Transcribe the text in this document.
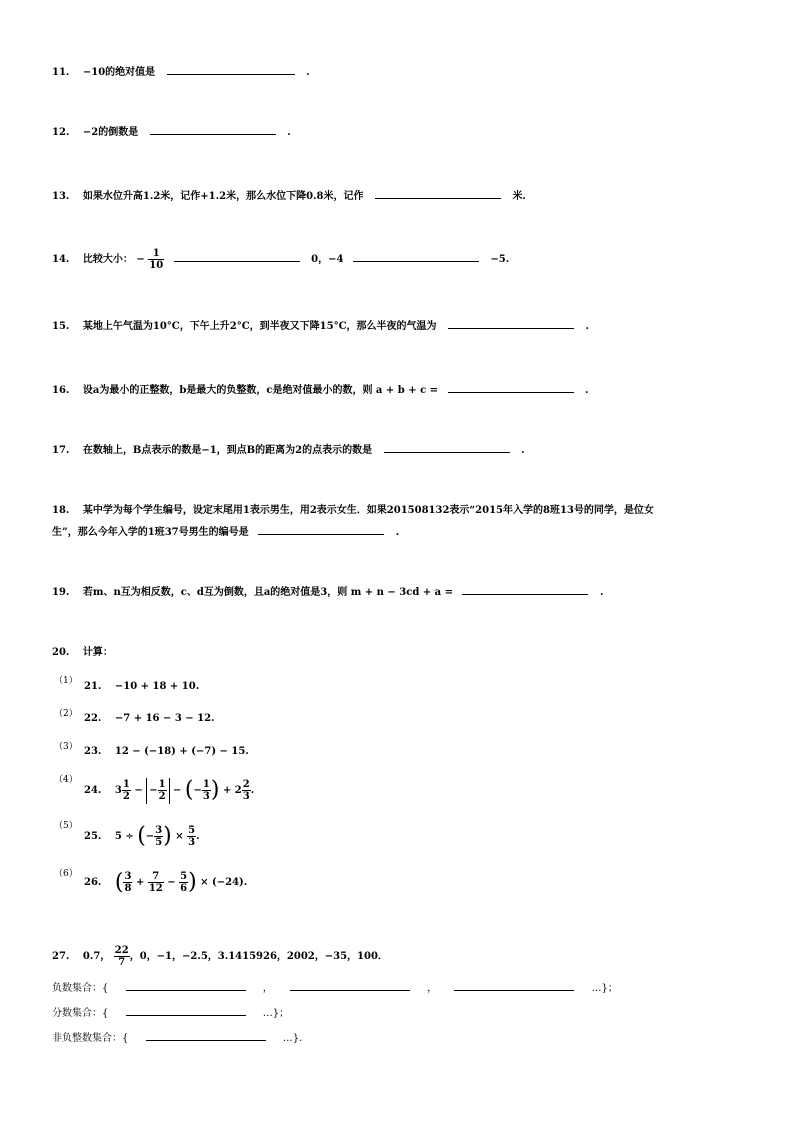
11. −10的绝对值是	.
12. −2的倒数是	.
13. 如果水位升高1.2米，记作+1.2米，那么水位下降0.8米，记作	米.
14. 比较大小： − $\frac{1}{10}$	0，−4	−5.
15. 某地上午气温为10°C，下午上升2°C，到半夜又下降15°C，那么半夜的气温为	.
16. 设a为最小的正整数，b是最大的负整数，c是绝对值最小的数，则 a + b + c =	.
17. 在数轴上，B点表示的数是−1，到点B的距离为2的点表示的数是	.
18. 某中学为每个学生编号，设定末尾用1表示男生，用2表示女生．如果201508132表示“2015年入学的8班13号的同学，是位女
生”，那么今年入学的1班37号男生的编号是	.
19. 若m、n互为相反数，c、d互为倒数，且a的绝对值是3，则 m + n − 3cd + a =	.
20. 计算：
（1） 21. −10 + 18 + 10.
（2） 22. −7 + 16 − 3 − 12.
（3） 23. 12 − (−18) + (−7) − 15.
（4）
24. $3 \frac{1}{2}$ − − $\frac{1}{2}$ − (− $\frac{1}{3}$ ) + $2 \frac{2}{3}$ .
（5）
25. 5 ÷ (− $\frac{3}{5}$ ) × $\frac{5}{3}$ .
（6）
26. ( $\frac{3}{8} + \frac{7}{12} - \frac{5}{6}$ ) × (−24).
27. 0.7， $\frac{22}{7}$ ，0，−1，−2.5，3.1415926，2002，−35，100．
负数集合：{	，	，	…}；
分数集合：{	…}；
非负整数集合：{	…}.
